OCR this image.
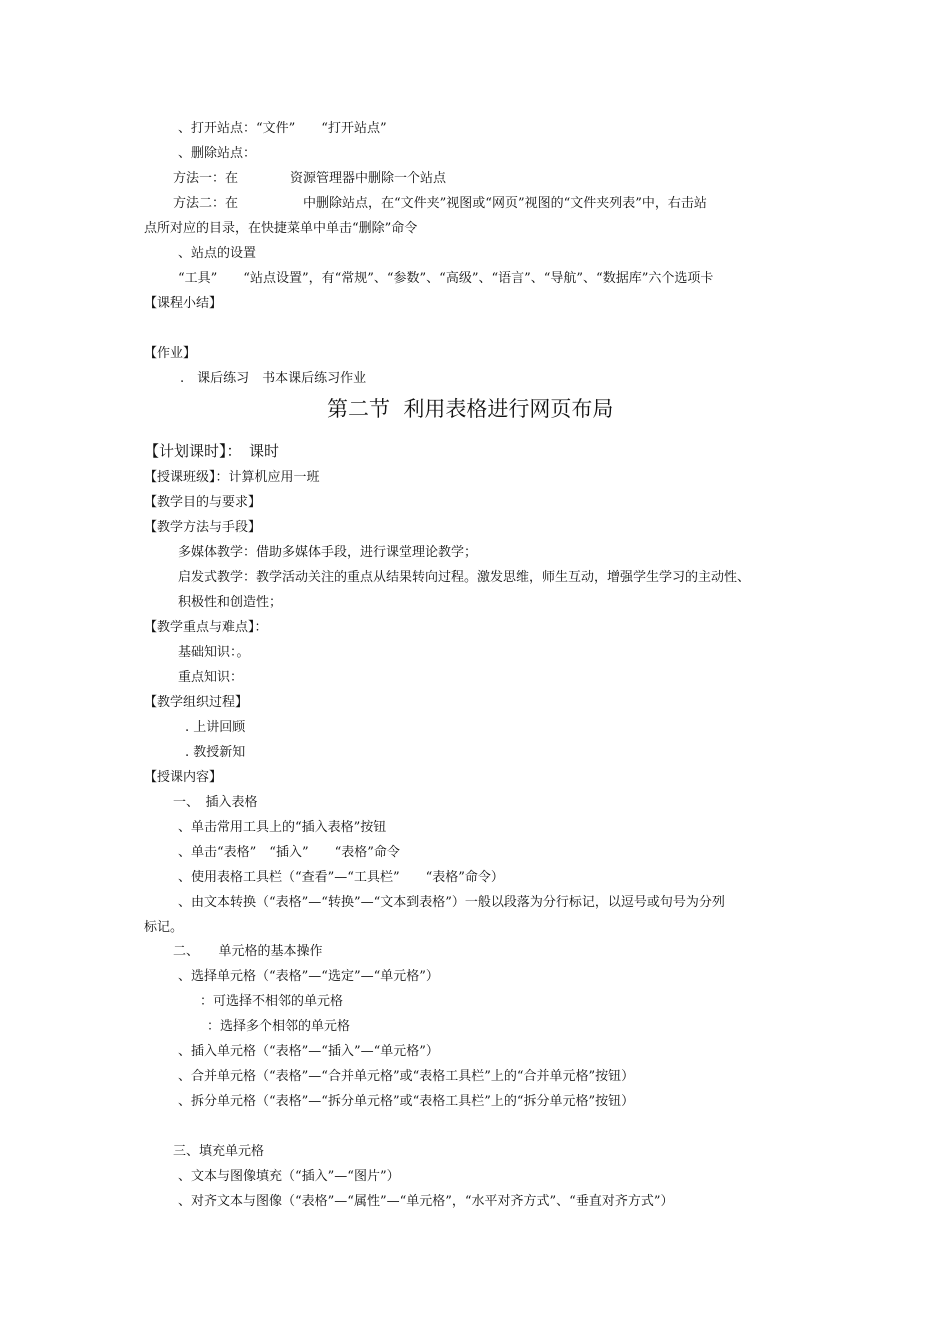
、打开站点：“文件”　　“打开站点”
、删除站点：
方法一：在　　　　资源管理器中删除一个站点
方法二：在　　　　　中删除站点，在“文件夹”视图或“网页”视图的“文件夹列表”中，右击站
点所对应的目录，在快捷菜单中单击“删除”命令
、站点的设置
“工具”　　“站点设置”，有“常规”、“参数”、“高级”、“语言”、“导航”、“数据库”六个选项卡
【课程小结】
【作业】
.　课后练习　书本课后练习作业
第二节  利用表格进行网页布局
【计划课时】：　课时
【授课班级】：计算机应用一班
【教学目的与要求】
【教学方法与手段】
多媒体教学：借助多媒体手段，进行课堂理论教学；
启发式教学：教学活动关注的重点从结果转向过程。激发思维，师生互动，增强学生学习的主动性、
积极性和创造性；
【教学重点与难点】：
基础知识：。
重点知识：
【教学组织过程】
. 上讲回顾
. 教授新知
【授课内容】
一、　插入表格
、单击常用工具上的“插入表格”按钮
、单击“表格”　“插入”　　“表格”命令
、使用表格工具栏（“查看”—“工具栏”　　“表格”命令）
、由文本转换（“表格”—“转换”—“文本到表格”）一般以段落为分行标记，以逗号或句号为分列
标记。
二、　　单元格的基本操作
、选择单元格（“表格”—“选定”—“单元格”）
：可选择不相邻的单元格
：选择多个相邻的单元格
、插入单元格（“表格”—“插入”—“单元格”）
、合并单元格（“表格”—“合并单元格”或“表格工具栏”上的“合并单元格”按钮）
、拆分单元格（“表格”—“拆分单元格”或“表格工具栏”上的“拆分单元格”按钮）
三、填充单元格
、文本与图像填充（“插入”—“图片”）
、对齐文本与图像（“表格”—“属性”—“单元格”，“水平对齐方式”、“垂直对齐方式”）
